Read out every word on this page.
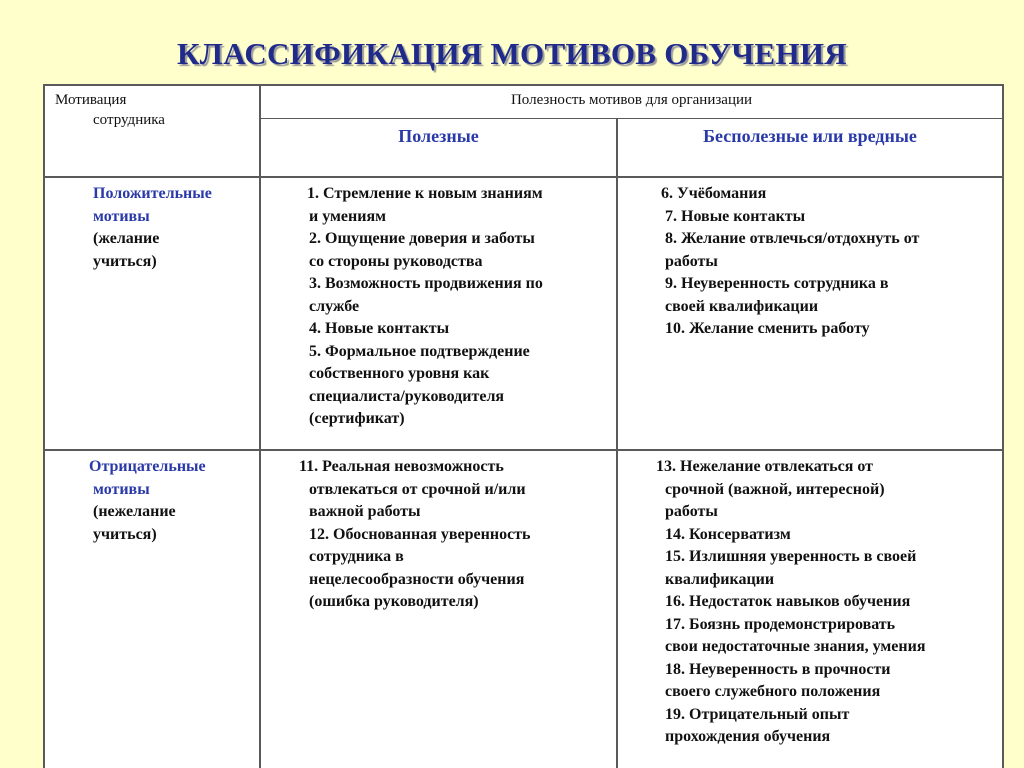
КЛАССИФИКАЦИЯ МОТИВОВ ОБУЧЕНИЯ
Мотивация
сотрудника
Полезность мотивов для организации
Полезные	Бесполезные или вредные
Положительные
мотивы
(желание
учиться)
1. Стремление к новым знаниям
и умениям
2. Ощущение доверия и заботы
со стороны руководства
3. Возможность продвижения по
службе
4. Новые контакты
5. Формальное подтверждение
собственного уровня как
специалиста/руководителя
(сертификат)
6. Учёбомания
7. Новые контакты
8. Желание отвлечься/отдохнуть от
работы
9. Неуверенность сотрудника в
своей квалификации
10. Желание сменить работу
Отрицательные
мотивы
(нежелание
учиться)
11. Реальная невозможность
отвлекаться от срочной и/или
важной работы
12. Обоснованная уверенность
сотрудника в
нецелесообразности обучения
(ошибка руководителя)
13. Нежелание отвлекаться от
срочной (важной, интересной)
работы
14. Консерватизм
15. Излишняя уверенность в своей
квалификации
16. Недостаток навыков обучения
17. Боязнь продемонстрировать
свои недостаточные знания, умения
18. Неуверенность в прочности
своего служебного положения
19. Отрицательный опыт
прохождения обучения
